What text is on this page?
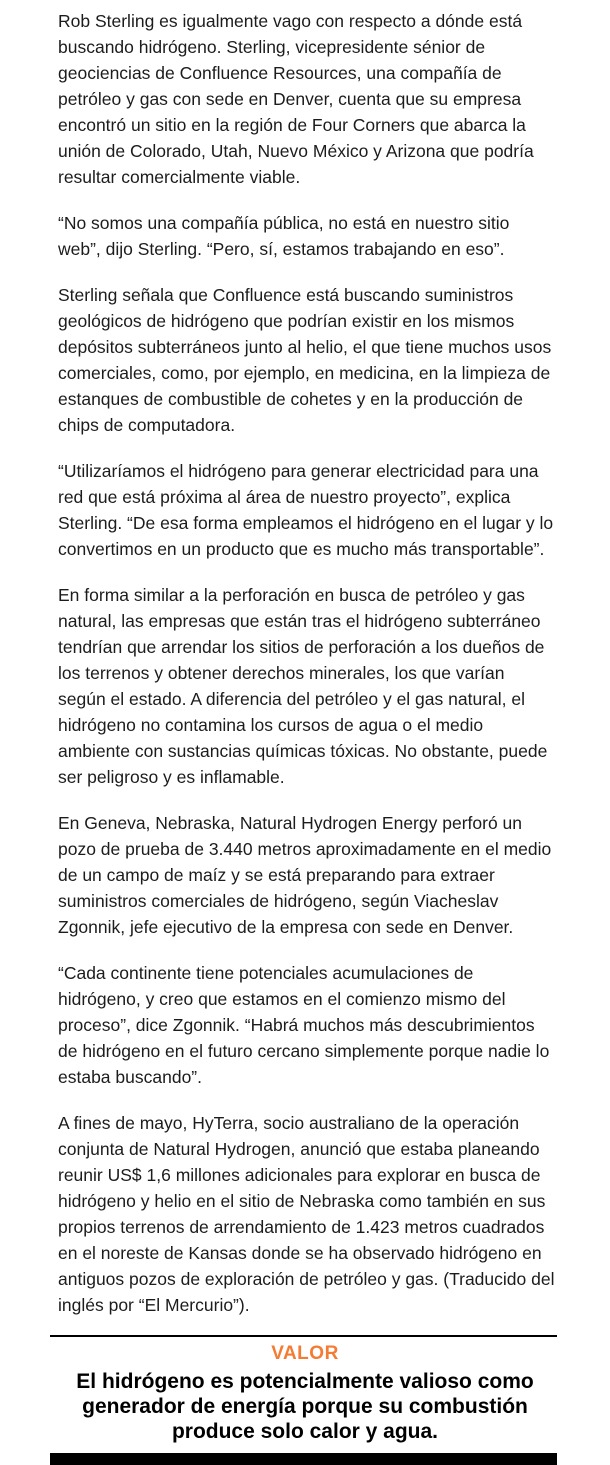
Rob Sterling es igualmente vago con respecto a dónde está buscando hidrógeno. Sterling, vicepresidente sénior de geociencias de Confluence Resources, una compañía de petróleo y gas con sede en Denver, cuenta que su empresa encontró un sitio en la región de Four Corners que abarca la unión de Colorado, Utah, Nuevo México y Arizona que podría resultar comercialmente viable.

“No somos una compañía pública, no está en nuestro sitio web”, dijo Sterling. “Pero, sí, estamos trabajando en eso”.

Sterling señala que Confluence está buscando suministros geológicos de hidrógeno que podrían existir en los mismos depósitos subterráneos junto al helio, el que tiene muchos usos comerciales, como, por ejemplo, en medicina, en la limpieza de estanques de combustible de cohetes y en la producción de chips de computadora.

“Utilizaríamos el hidrógeno para generar electricidad para una red que está próxima al área de nuestro proyecto”, explica Sterling. “De esa forma empleamos el hidrógeno en el lugar y lo convertimos en un producto que es mucho más transportable”.

En forma similar a la perforación en busca de petróleo y gas natural, las empresas que están tras el hidrógeno subterráneo tendrían que arrendar los sitios de perforación a los dueños de los terrenos y obtener derechos minerales, los que varían según el estado. A diferencia del petróleo y el gas natural, el hidrógeno no contamina los cursos de agua o el medio ambiente con sustancias químicas tóxicas. No obstante, puede ser peligroso y es inflamable.

En Geneva, Nebraska, Natural Hydrogen Energy perforó un pozo de prueba de 3.440 metros aproximadamente en el medio de un campo de maíz y se está preparando para extraer suministros comerciales de hidrógeno, según Viacheslav Zgonnik, jefe ejecutivo de la empresa con sede en Denver.

“Cada continente tiene potenciales acumulaciones de hidrógeno, y creo que estamos en el comienzo mismo del proceso”, dice Zgonnik. “Habrá muchos más descubrimientos de hidrógeno en el futuro cercano simplemente porque nadie lo estaba buscando”.

A fines de mayo, HyTerra, socio australiano de la operación conjunta de Natural Hydrogen, anunció que estaba planeando reunir US$ 1,6 millones adicionales para explorar en busca de hidrógeno y helio en el sitio de Nebraska como también en sus propios terrenos de arrendamiento de 1.423 metros cuadrados en el noreste de Kansas donde se ha observado hidrógeno en antiguos pozos de exploración de petróleo y gas. (Traducido del inglés por “El Mercurio”).

VALOR

El hidrógeno es potencialmente valioso como generador de energía porque su combustión produce solo calor y agua.
